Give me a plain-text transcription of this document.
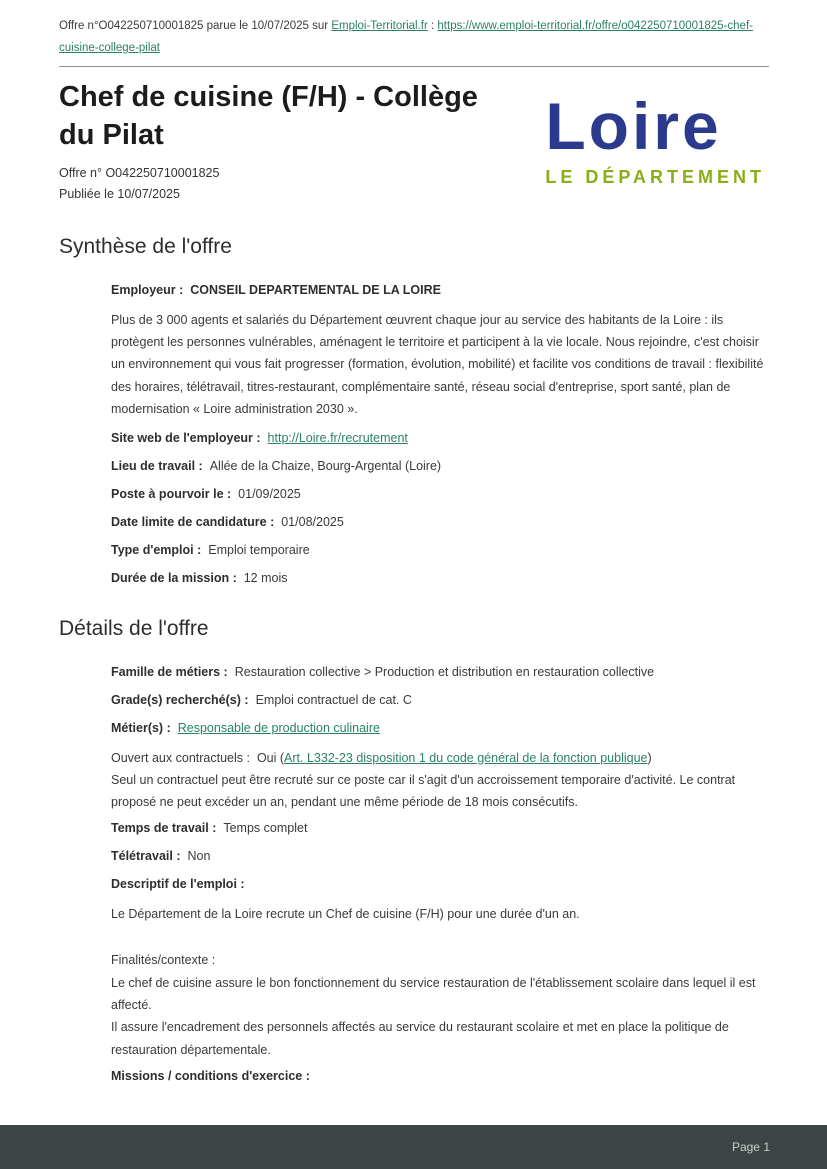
Offre n°O042250710001825 parue le 10/07/2025 sur Emploi-Territorial.fr : https://www.emploi-territorial.fr/offre/o042250710001825-chef-cuisine-college-pilat
Chef de cuisine (F/H) - Collège du Pilat
Offre n° O042250710001825
Publiée le 10/07/2025
Loire
LE DÉPARTEMENT
Synthèse de l'offre
Employeur : CONSEIL DEPARTEMENTAL DE LA LOIRE

Plus de 3 000 agents et salariés du Département œuvrent chaque jour au service des habitants de la Loire : ils protègent les personnes vulnérables, aménagent le territoire et participent à la vie locale. Nous rejoindre, c'est choisir un environnement qui vous fait progresser (formation, évolution, mobilité) et facilite vos conditions de travail : flexibilité des horaires, télétravail, titres-restaurant, complémentaire santé, réseau social d'entreprise, sport santé, plan de modernisation « Loire administration 2030 ».

Site web de l'employeur : http://Loire.fr/recrutement
Lieu de travail : Allée de la Chaize, Bourg-Argental (Loire)
Poste à pourvoir le : 01/09/2025
Date limite de candidature : 01/08/2025
Type d'emploi : Emploi temporaire
Durée de la mission : 12 mois
Détails de l'offre
Famille de métiers : Restauration collective > Production et distribution en restauration collective
Grade(s) recherché(s) : Emploi contractuel de cat. C
Métier(s) : Responsable de production culinaire
Ouvert aux contractuels : Oui (Art. L332-23 disposition 1 du code général de la fonction publique)
Seul un contractuel peut être recruté sur ce poste car il s'agit d'un accroissement temporaire d'activité. Le contrat proposé ne peut excéder un an, pendant une même période de 18 mois consécutifs.
Temps de travail : Temps complet
Télétravail : Non
Descriptif de l'emploi :

Le Département de la Loire recrute un Chef de cuisine (F/H) pour une durée d'un an.

Finalités/contexte :
Le chef de cuisine assure le bon fonctionnement du service restauration de l'établissement scolaire dans lequel il est affecté.
Il assure l'encadrement des personnels affectés au service du restaurant scolaire et met en place la politique de restauration départementale.
Missions / conditions d'exercice :
Page 1
